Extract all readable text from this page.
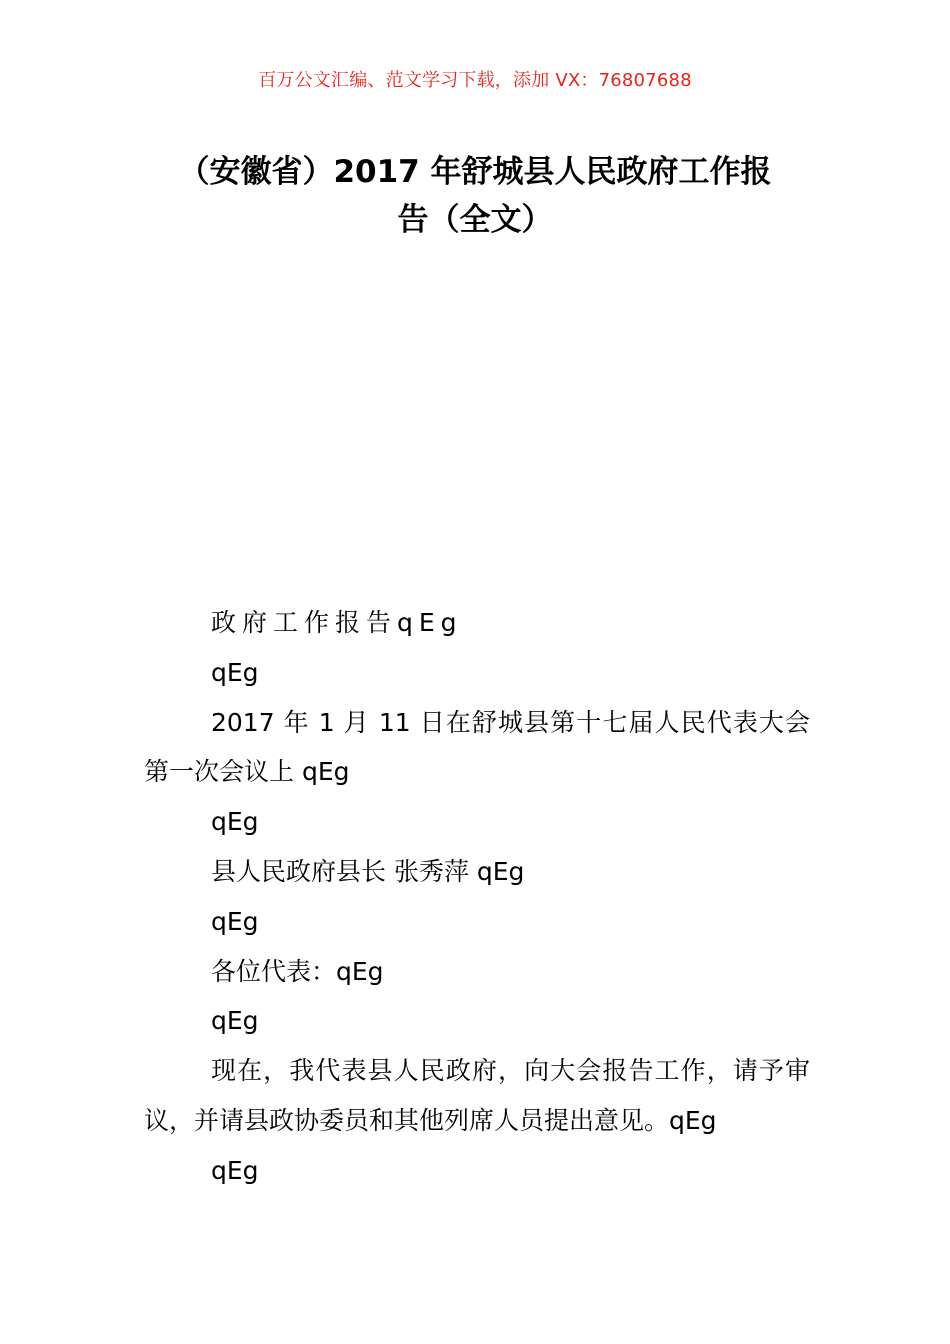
百万公文汇编、范文学习下载，添加 VX：76807688
（安徽省）2017 年舒城县人民政府工作报
告（全文）

政府工作报告qEg

qEg

2017 年 1 月 11 日在舒城县第十七届人民代表大会第一次会议上 qEg

qEg

县人民政府县长 张秀萍 qEg

qEg

各位代表：qEg

qEg

现在，我代表县人民政府，向大会报告工作，请予审议，并请县政协委员和其他列席人员提出意见。qEg

qEg
